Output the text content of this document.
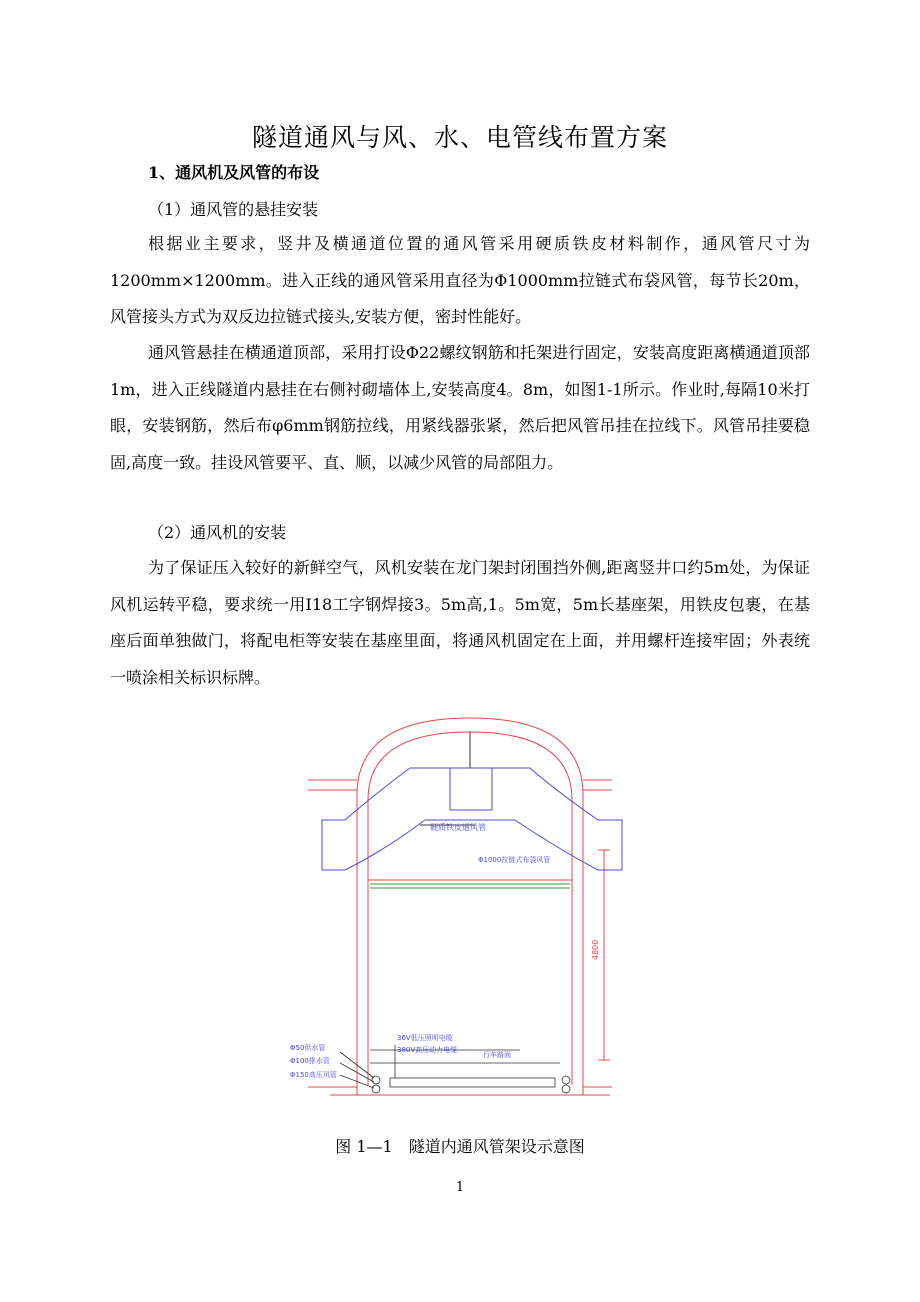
隧道通风与风、水、电管线布置方案
1、通风机及风管的布设
（1）通风管的悬挂安装

根据业主要求，竖井及横通道位置的通风管采用硬质铁皮材料制作，通风管尺寸为1200mm×1200mm。进入正线的通风管采用直径为Φ1000mm拉链式布袋风管，每节长20m，风管接头方式为双反边拉链式接头,安装方便，密封性能好。

通风管悬挂在横通道顶部，采用打设Φ22螺纹钢筋和托架进行固定，安装高度距离横通道顶部1m，进入正线隧道内悬挂在右侧衬砌墙体上,安装高度4。8m，如图1-1所示。作业时,每隔10米打眼，安装钢筋，然后布φ6mm钢筋拉线，用紧线器张紧，然后把风管吊挂在拉线下。风管吊挂要稳固,高度一致。挂设风管要平、直、顺，以减少风管的局部阻力。

（2）通风机的安装

为了保证压入较好的新鲜空气，风机安装在龙门架封闭围挡外侧,距离竖井口约5m处，为保证风机运转平稳，要求统一用I18工字钢焊接3。5m高,1。5m宽，5m长基座架，用铁皮包裹，在基座后面单独做门，将配电柜等安装在基座里面，将通风机固定在上面，并用螺杆连接牢固；外表统一喷涂相关标识标牌。

硬质铁皮通风管
Φ1000拉链式布袋风管
4800
36V低压照明电缆
380V高压动力电缆
行车路面
Φ50供水管
Φ100排水管
Φ150高压风管
图 1—1　隧道内通风管架设示意图
1
